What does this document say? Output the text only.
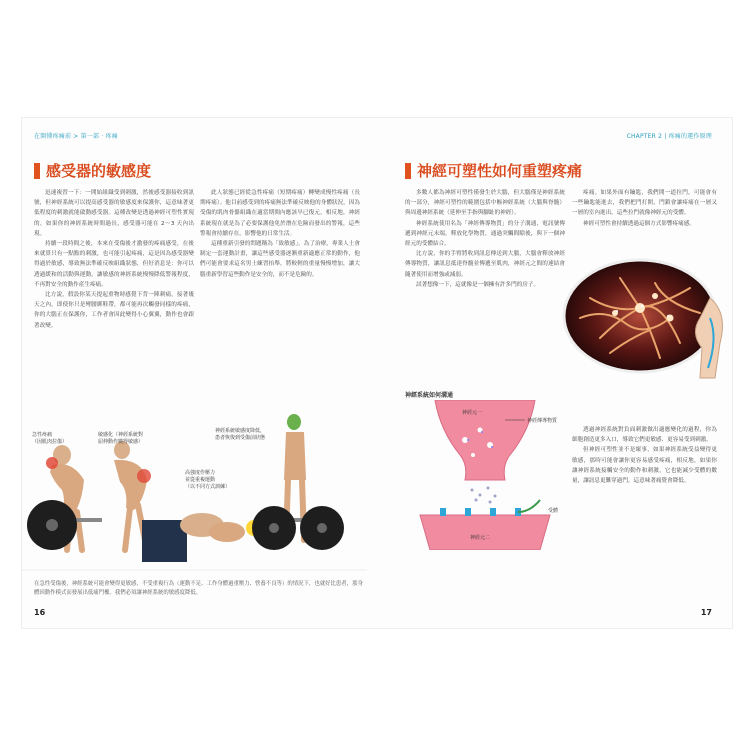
在開懂疼痛前 > 第一部 · 疼痛	CHAPTER 2 | 疼痛的運作原理
感受器的敏感度	神經可塑性如何重塑疼痛

迅速複習一下：一開始組織受到刺激，然後感受器接收到訊號，但神經系統可以提高感受器的敏感度來保護你，這意味著更低程度的刺激就能啟動感受器。這種改變是透過神經可塑性實現的，如果你的神經系統時間過長，感受器可能在 2～3 天內出現。

持續一段時間之後，本來在受傷後才激發的疼痛感受，在後來就算只有一點點的刺激，也可能引起疼痛，這是因為感受器變得過於敏感，導致無法準確反映組織狀態，但好消息是：你可以透過緩和的活動與運動，讓敏感的神經系統慢慢降低警報程度，不再對安全的動作產生疼痛。

比方說，假設你某天提起重物時感覺下背一陣刺痛，接著幾天之內，即使你只是彎腰綁鞋帶，都可能再次觸發同樣的疼痛，你的大腦正在保護你，工作者會因此變得小心翼翼，動作也會跟著改變。

此人狀態已經從急性疼痛（短期疼痛）轉變成慢性疼痛（長期疼痛）。他目前感受到的疼痛無法準確反映他的身體狀況，因為受傷的肌肉骨骼組織在適當期間內應該早已復元，相反地，神經系統現在就是為了必要保護他免於潛在危險而發出的警報，這些警報會持續存在，影響他的日常生活。

這種重新引發的問題稱為「致敏感」。為了治療，專業人士會制定一套運動計畫，讓這些感受器逐漸重新適應正常的動作，他們可能會要求這名男士練習抬舉，將較輕的重量慢慢增加，讓大腦重新學習這些動作是安全的，而不是危險的。

多數人都為神經可塑性僅發生於大腦，但大腦僅是神經系統的一部分，神經可塑性的範圍包括中樞神經系統（大腦與脊髓）與周邊神經系統（延伸至手指與腳趾的神經）。

神經系統使用名為「神經傳導物質」的分子溝通，電訊號傳遞到神經元末端，釋放化學物質，通過突觸間隙後，與下一個神經元的受體結合。

比方說，你的手臂將收到訊息傳送到大腦，大腦會釋放神經傳導物質，讓訊息抵達脊髓並傳遞至肌肉，神經元之間的連結會隨著使用而增強或減弱。

試著想像一下，這就像是一個擁有許多門的房子。

疼痛。如果外面有鑰匙，我們開一道拉門，可能會有一些鑰匙能進去，我們把門打開，門鎖會讓疼痛在一層又一層的室內進出，這些拉門就像神經元的受體。

神經可塑性會持續透過這個方式影響疼痛感。

急性疼痛
（因肌肉拉傷）
敏感化（神經系統對
屈伸動作變得敏感）
神經系統敏感度降低，
患者恢復到受傷前狀態
高強度作壓力
並從重複運動
（以不同方式訓練）
在急性受傷後，神經系統可能會變得更敏感，不受重複行為（運動不足、工作身體過重壓力、營養不良等）的情況下，也就好比患者，那身體因動作模式而發展出低痛門檻。我們必須讓神經系統的敏感度降低。
神經系統如何溝通
神經元一
神經傳導物質
神經元二
受體

透過神經系統對負面刺激做出適應變化的過程，你為細胞創造更多入口，導致它們更敏感、更容易受到刺激。

但神經可塑性並不是壞事，如果神經系統受益變得更敏感，那時可能會讓你更容易感受疼痛，相反地，如果你讓神經系統接觸安全的動作和刺激，它也能減少受體的數量，讓訊息更難穿過門，這意味著痛覺會降低。

16	17
